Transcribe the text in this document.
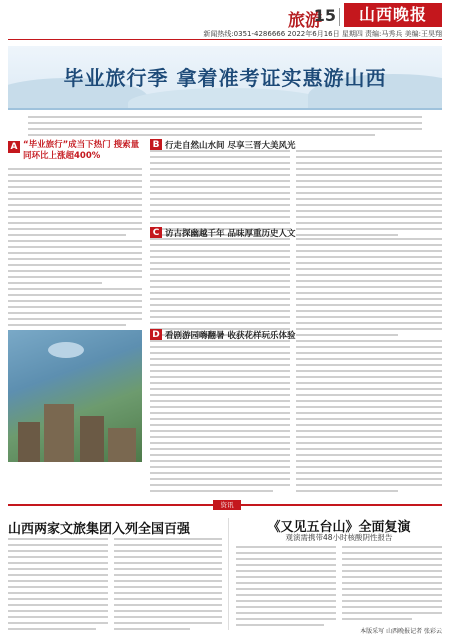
旅游
15	山西晚报
新闻热线:0351-4286666 2022年6月16日 星期四 责编:马秀兵 美编:王昊翔
毕业旅行季 拿着准考证实惠游山西
A “毕业旅行”成当下热门 搜索量同环比上涨超400%
B 行走自然山水间 尽享三晋大美风光
C 访古探幽越千年 品味厚重历史人文
D 看剧游园嗨翻暑 收获花样玩乐体验
资讯
山西两家文旅集团入列全国百强	《又见五台山》全面复演
观演需携带48小时核酸阴性报告
本版采写 山西晚报记者 张彩云
